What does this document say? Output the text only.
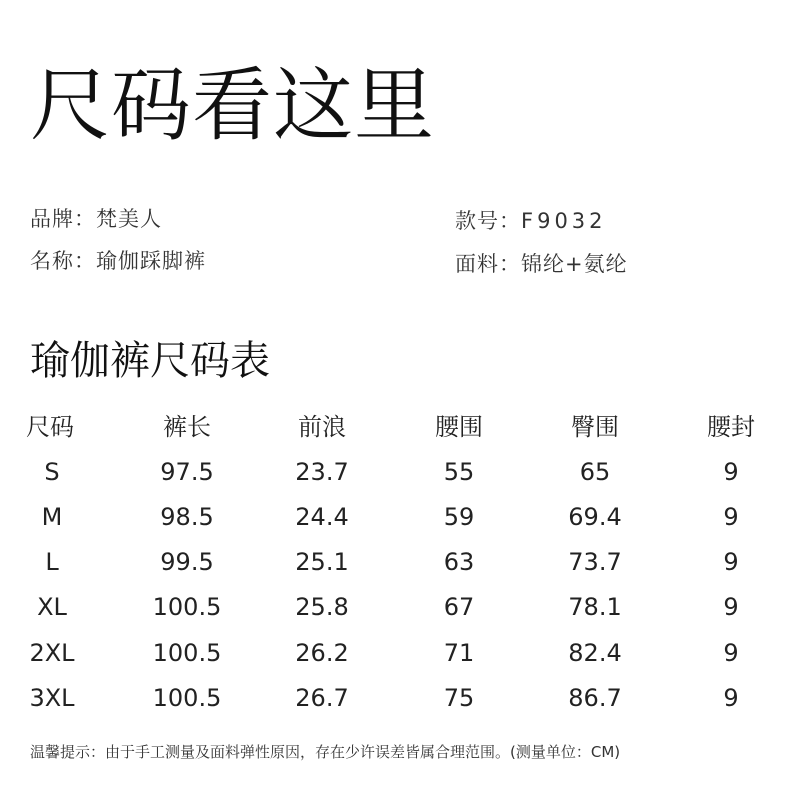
尺码看这里
品牌：梵美人
名称：瑜伽踩脚裤
款号：F9032
面料：锦纶+氨纶
瑜伽裤尺码表
尺码	裤长	前浪	腰围	臀围	腰封
S	97.5	23.7	55	65	9
M	98.5	24.4	59	69.4	9
L	99.5	25.1	63	73.7	9
XL	100.5	25.8	67	78.1	9
2XL	100.5	26.2	71	82.4	9
3XL	100.5	26.7	75	86.7	9
温馨提示：由于手工测量及面料弹性原因，存在少许误差皆属合理范围。(测量单位：CM)
